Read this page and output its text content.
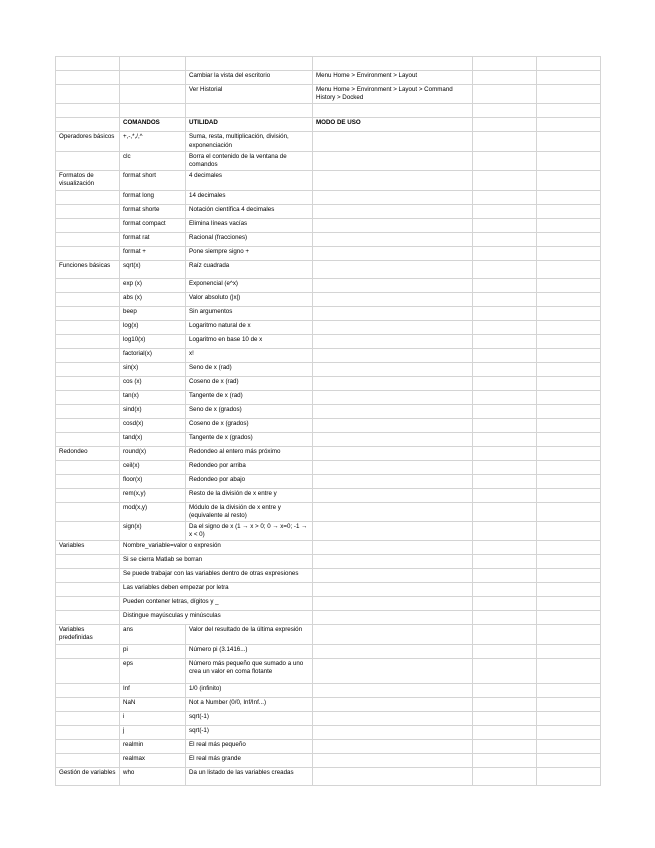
		Cambiar la vista del escritorio	Menu Home > Environment > Layout		
		Ver Historial	Menu Home > Environment > Layout > Command History > Docked		

	COMANDOS	UTILIDAD	MODO DE USO		
Operadores básicos	+,-,*,/,^	Suma, resta, multiplicación, división, exponenciación			
	clc	Borra el contenido de la ventana de comandos			
Formatos de visualización	format short	4 decimales			
	format long	14 decimales			
	format shorte	Notación científica 4 decimales			
	format compact	Elimina líneas vacías			
	format rat	Racional (fracciones)			
	format +	Pone siempre signo +			
Funciones básicas	sqrt(x)	Raíz cuadrada			
	exp (x)	Exponencial (e^x)			
	abs (x)	Valor absoluto (|x|)			
	beep	Sin argumentos			
	log(x)	Logaritmo natural de x			
	log10(x)	Logaritmo en base 10 de x			
	factorial(x)	x!			
	sin(x)	Seno de x (rad)			
	cos (x)	Coseno de x (rad)			
	tan(x)	Tangente de x (rad)			
	sind(x)	Seno de x (grados)			
	cosd(x)	Coseno de x (grados)			
	tand(x)	Tangente de x (grados)			
Redondeo	round(x)	Redondeo al entero más próximo			
	ceil(x)	Redondeo por arriba			
	floor(x)	Redondeo por abajo			
	rem(x,y)	Resto de la división de x entre y			
	mod(x,y)	Módulo de la división de x entre y (equivalente al resto)			
	sign(x)	Da el signo de x (1 → x > 0; 0 → x=0; -1 → x < 0)			
Variables	Nombre_variable=valor o expresión				
	Si se cierra Matlab se borran				
	Se puede trabajar con las variables dentro de otras expresiones				
	Las variables deben empezar por letra				
	Pueden contener letras, dígitos y _				
	Distingue mayúsculas y minúsculas				
Variables predefinidas	ans	Valor del resultado de la última expresión			
	pi	Número pi (3.1416...)			
	eps	Número más pequeño que sumado a uno crea un valor en coma flotante			
	Inf	1/0 (infinito)			
	NaN	Not a Number (0/0, Inf/Inf...)			
	i	sqrt(-1)			
	j	sqrt(-1)			
	realmin	El real más pequeño			
	realmax	El real más grande			
Gestión de variables	who	Da un listado de las variables creadas			
